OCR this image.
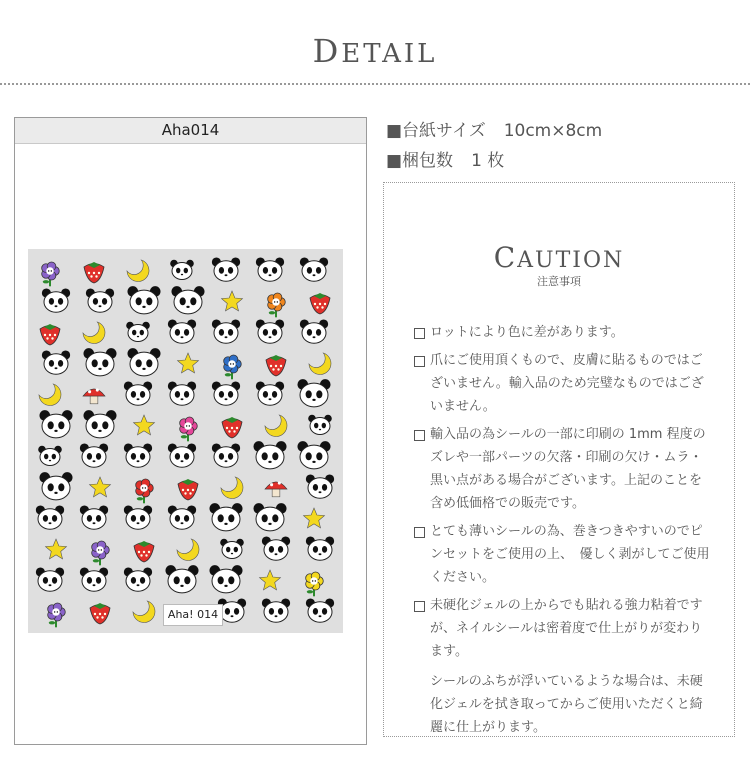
DETAIL
Aha014
Aha! 014
■台紙サイズ 10cm×8cm
■梱包数 1 枚
CAUTION
注意事項
ロットにより色に差があります。
爪にご使用頂くもので、皮膚に貼るものではございません。輸入品のため完璧なものではございません。
輸入品の為シールの一部に印刷の 1mm 程度のズレや一部パーツの欠落・印刷の欠け・ムラ・黒い点がある場合がございます。上記のことを含め低価格での販売です。
とても薄いシールの為、巻きつきやすいのでピンセットをご使用の上、　優しく剥がしてご使用ください。
未硬化ジェルの上からでも貼れる強力粘着ですが、ネイルシールは密着度で仕上がりが変わります。
シールのふちが浮いているような場合は、未硬化ジェルを拭き取ってからご使用いただくと綺麗に仕上がります。
